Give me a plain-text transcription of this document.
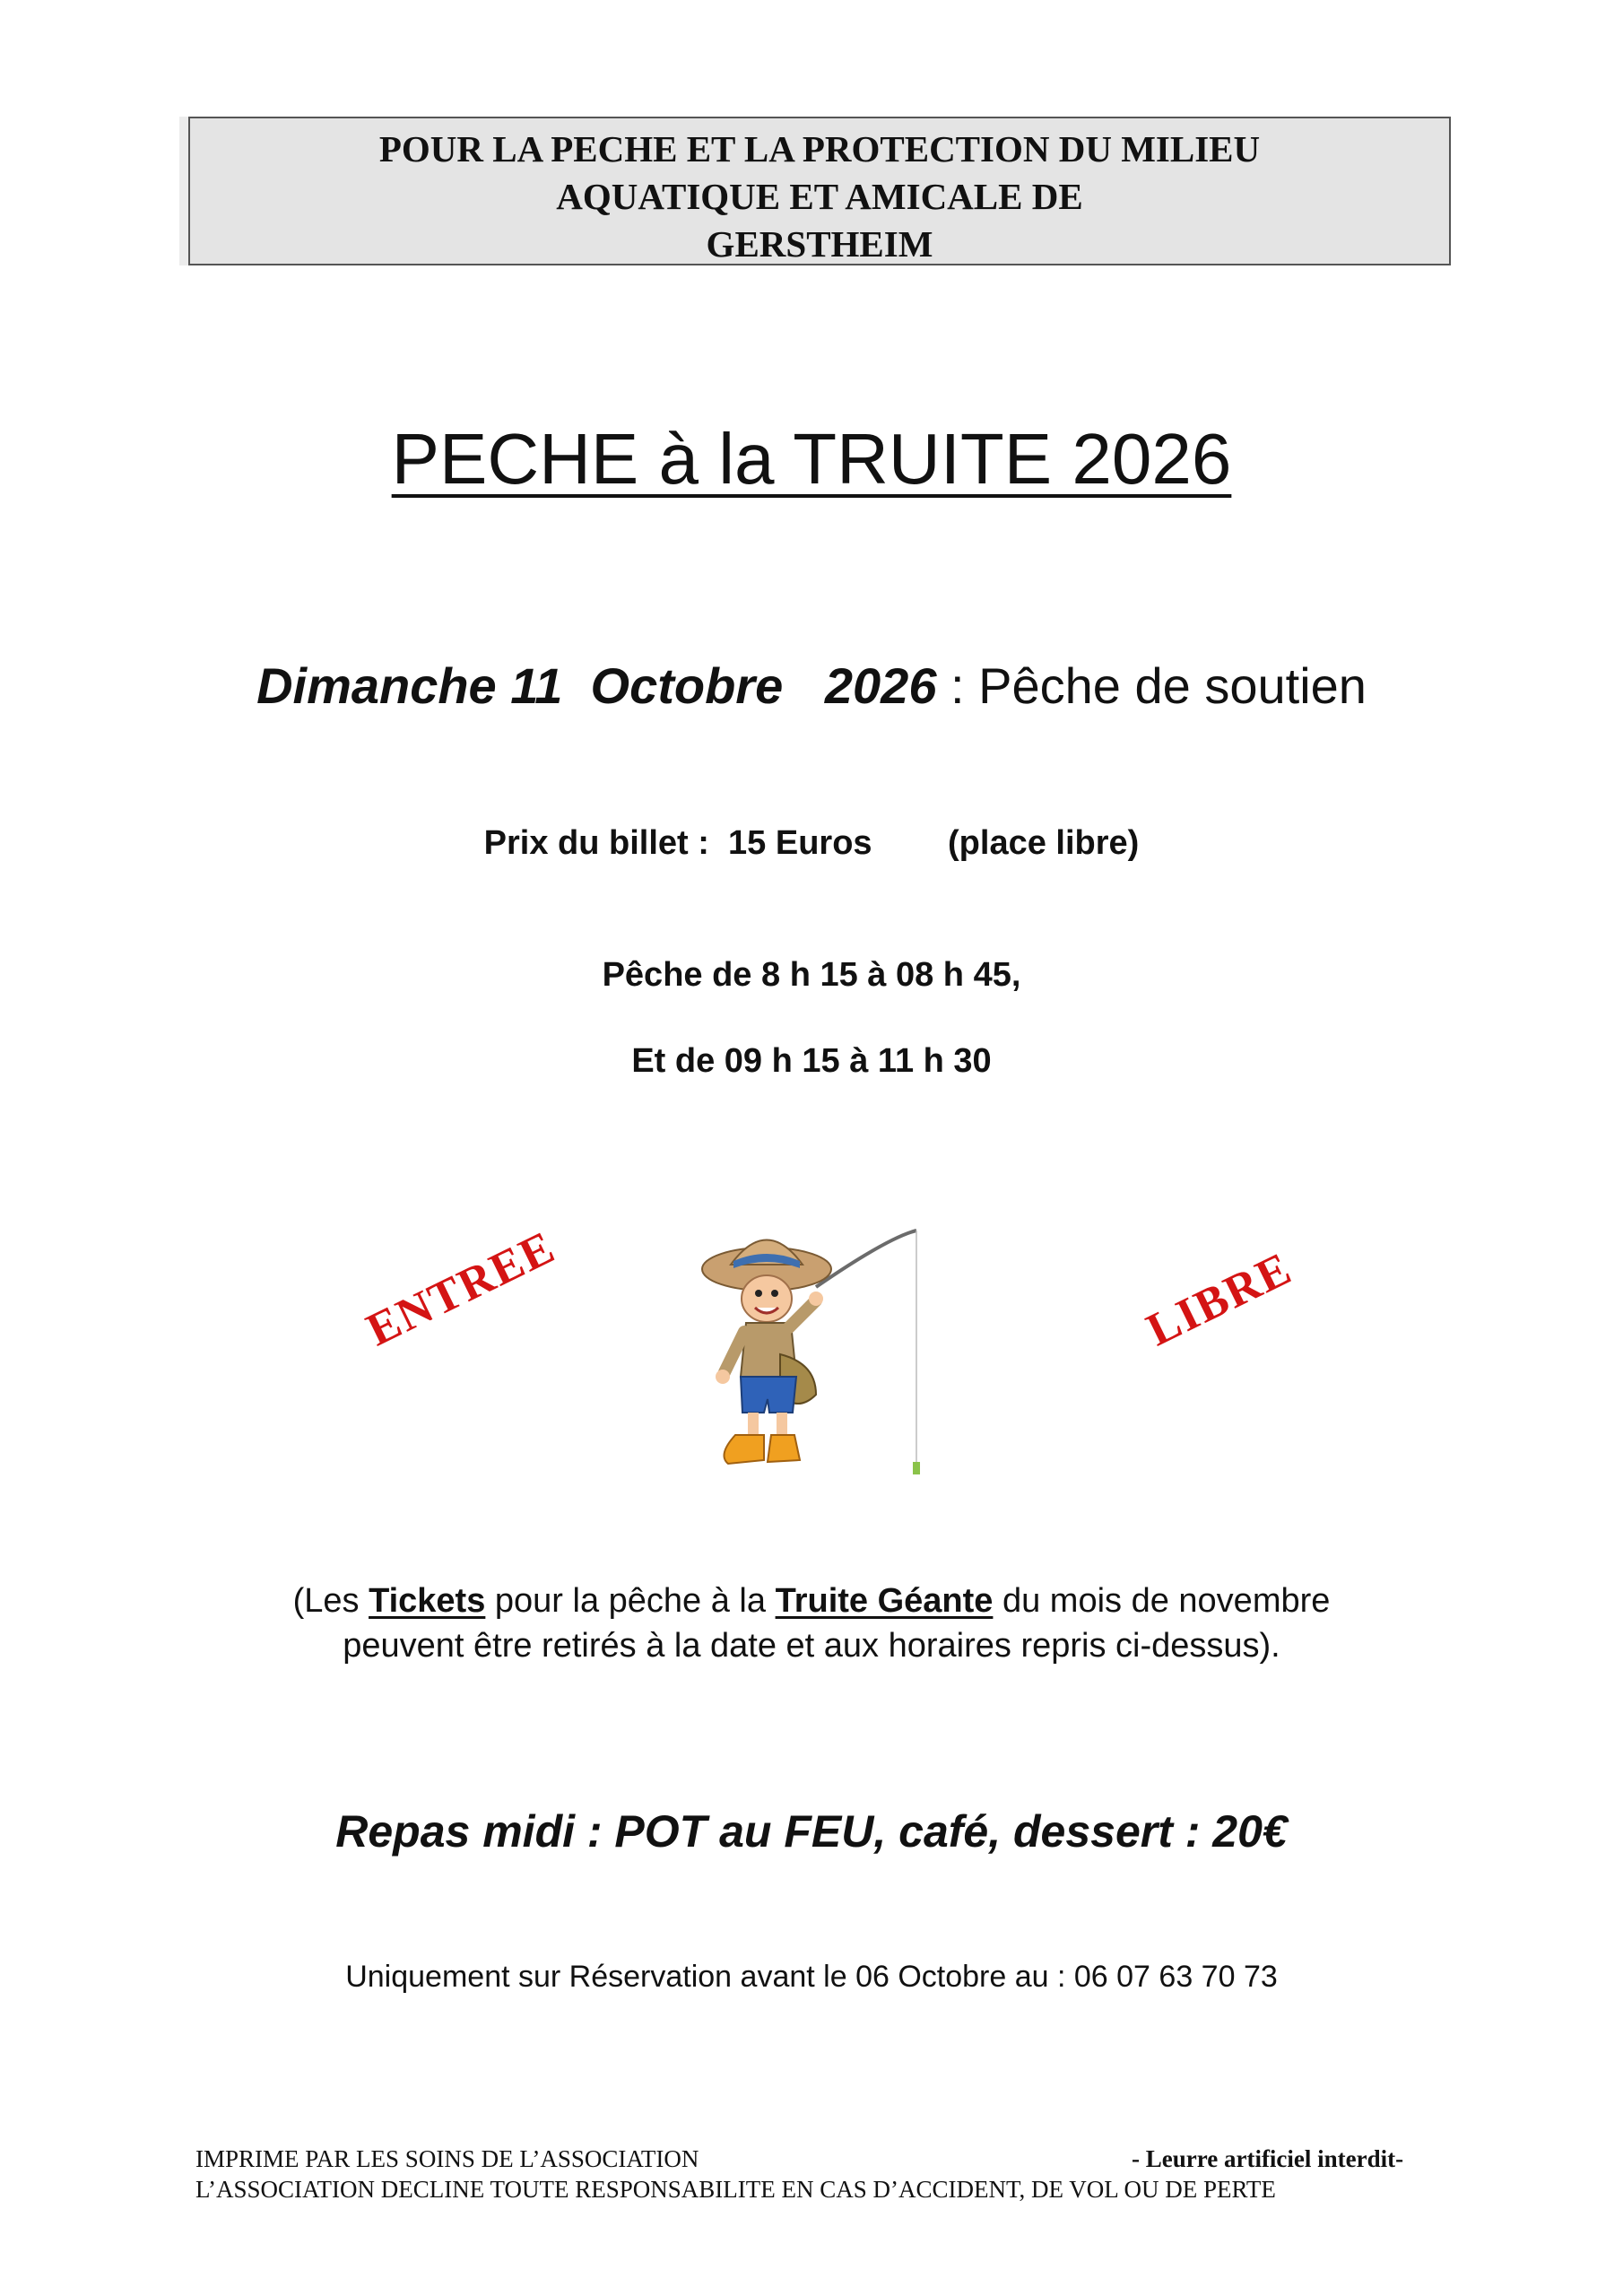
POUR LA PECHE ET LA PROTECTION DU MILIEU
AQUATIQUE ET AMICALE DE
GERSTHEIM
PECHE à la TRUITE 2026
Dimanche 11  Octobre   2026 : Pêche de soutien
Prix du billet :  15 Euros        (place libre)
Pêche de 8 h 15 à 08 h 45,
Et de 09 h 15 à 11 h 30
ENTREE	LIBRE
(Les Tickets pour la pêche à la Truite Géante du mois de novembre
peuvent être retirés à la date et aux horaires repris ci-dessus).
Repas midi : POT au FEU, café, dessert : 20€
Uniquement sur Réservation avant le 06 Octobre au : 06 07 63 70 73
IMPRIME PAR LES SOINS DE L’ASSOCIATION	- Leurre artificiel interdit-
L’ASSOCIATION DECLINE TOUTE RESPONSABILITE EN CAS D’ACCIDENT, DE VOL OU DE PERTE
